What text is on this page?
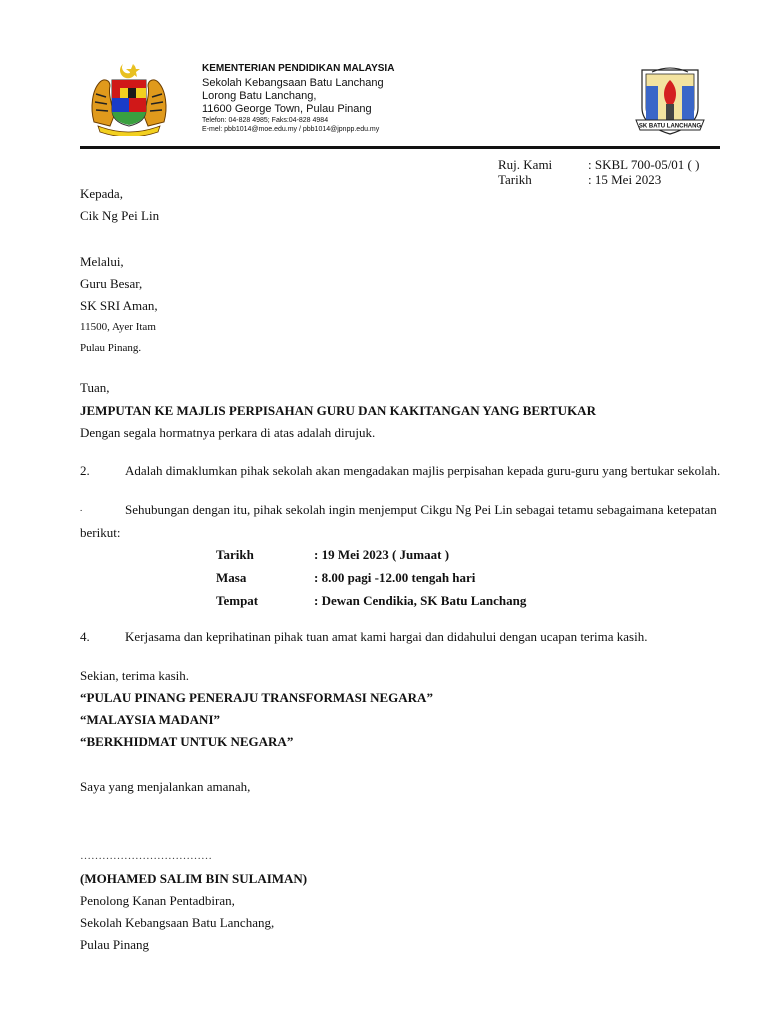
KEMENTERIAN PENDIDIKAN MALAYSIA
Sekolah Kebangsaan Batu Lanchang
Lorong Batu Lanchang,
11600 George Town, Pulau Pinang
Telefon: 04-828 4985; Faks:04-828 4984
E-mel: pbb1014@moe.edu.my / pbb1014@jpnpp.edu.my	SK BATU LANCHANG
Ruj. Kami	: SKBL 700-05/01 ( )
Tarikh	: 15 Mei 2023
Kepada,
Cik Ng Pei Lin
Melalui,
Guru Besar,
SK SRI Aman,
11500, Ayer Itam
Pulau Pinang.
Tuan,
JEMPUTAN KE MAJLIS PERPISAHAN GURU DAN KAKITANGAN YANG BERTUKAR
Dengan segala hormatnya perkara di atas adalah dirujuk.
2.	Adalah dimaklumkan pihak sekolah akan mengadakan majlis perpisahan kepada guru-guru yang bertukar sekolah.
.	Sehubungan dengan itu, pihak sekolah ingin menjemput Cikgu Ng Pei Lin sebagai tetamu sebagaimana ketepatan
berikut:
Tarikh	: 19 Mei 2023 ( Jumaat )
Masa	: 8.00 pagi -12.00 tengah hari
Tempat	: Dewan Cendikia, SK Batu Lanchang
4.	Kerjasama dan keprihatinan pihak tuan amat kami hargai dan didahului dengan ucapan terima kasih.
Sekian, terima kasih.
“PULAU PINANG PENERAJU TRANSFORMASI NEGARA”
“MALAYSIA MADANI”
“BERKHIDMAT UNTUK NEGARA”
Saya yang menjalankan amanah,
………………………………
(MOHAMED SALIM BIN SULAIMAN)
Penolong Kanan Pentadbiran,
Sekolah Kebangsaan Batu Lanchang,
Pulau Pinang
